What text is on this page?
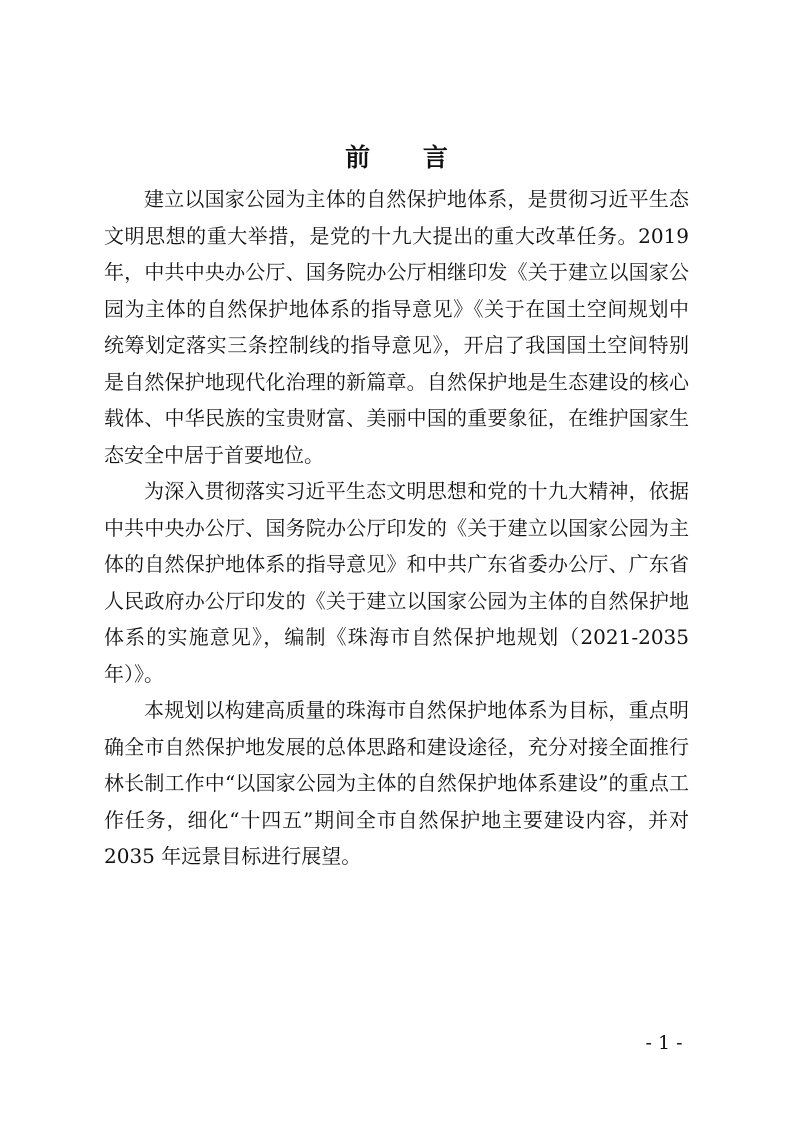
前 言

建立以国家公园为主体的自然保护地体系，是贯彻习近平生态文明思想的重大举措，是党的十九大提出的重大改革任务。2019 年，中共中央办公厅、国务院办公厅相继印发《关于建立以国家公园为主体的自然保护地体系的指导意见》《关于在国土空间规划中统筹划定落实三条控制线的指导意见》，开启了我国国土空间特别是自然保护地现代化治理的新篇章。自然保护地是生态建设的核心载体、中华民族的宝贵财富、美丽中国的重要象征，在维护国家生态安全中居于首要地位。

为深入贯彻落实习近平生态文明思想和党的十九大精神，依据中共中央办公厅、国务院办公厅印发的《关于建立以国家公园为主体的自然保护地体系的指导意见》和中共广东省委办公厅、广东省人民政府办公厅印发的《关于建立以国家公园为主体的自然保护地体系的实施意见》，编制《珠海市自然保护地规划（2021-2035 年）》。

本规划以构建高质量的珠海市自然保护地体系为目标，重点明确全市自然保护地发展的总体思路和建设途径，充分对接全面推行林长制工作中“以国家公园为主体的自然保护地体系建设”的重点工作任务，细化“十四五”期间全市自然保护地主要建设内容，并对 2035 年远景目标进行展望。

- 1 -
